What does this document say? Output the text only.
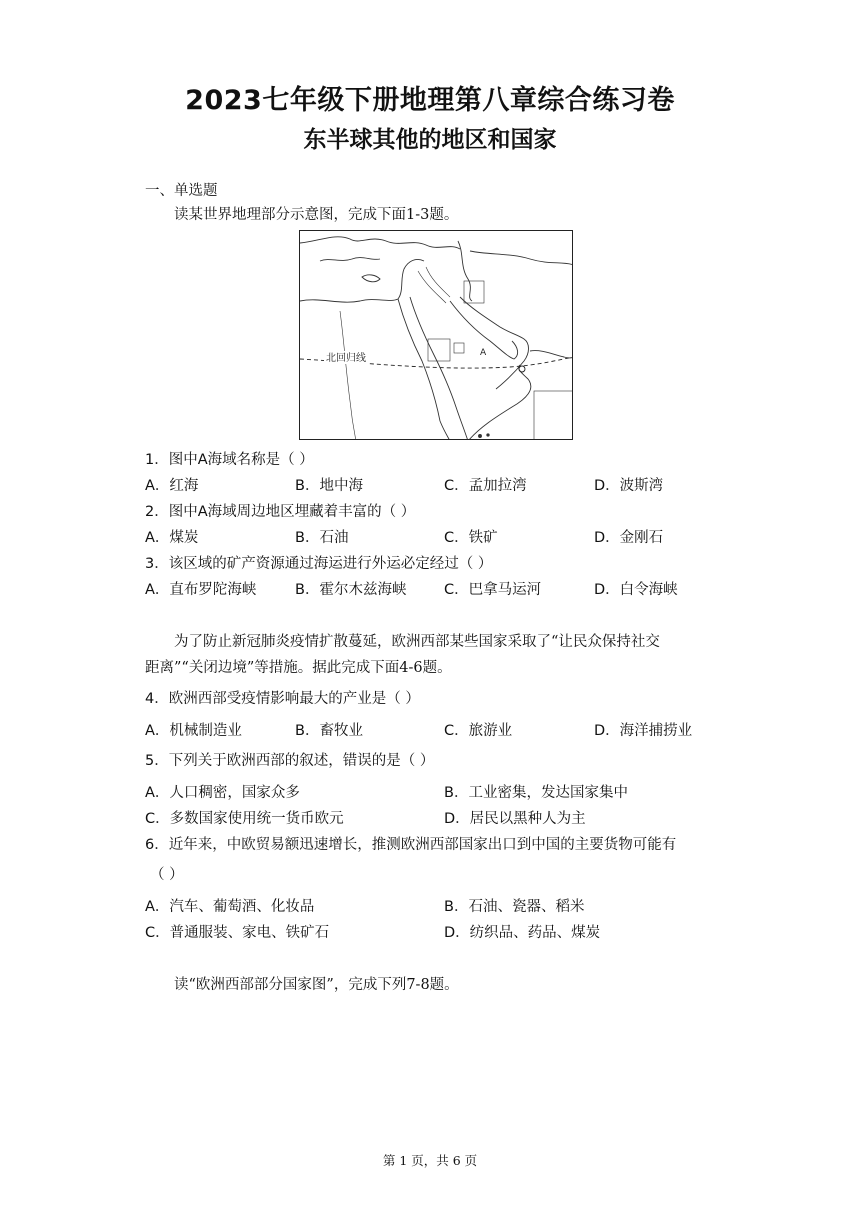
2023七年级下册地理第八章综合练习卷
东半球其他的地区和国家
一、单选题
读某世界地理部分示意图，完成下面1-3题。
A
北回归线
1．图中A海域名称是（ ）
A．红海	B．地中海	C．孟加拉湾	D．波斯湾
2．图中A海域周边地区埋藏着丰富的（ ）
A．煤炭	B．石油	C．铁矿	D．金刚石
3．该区域的矿产资源通过海运进行外运必定经过（ ）
A．直布罗陀海峡	B．霍尔木兹海峡	C．巴拿马运河	D．白令海峡
为了防止新冠肺炎疫情扩散蔓延，欧洲西部某些国家采取了“让民众保持社交
距离”“关闭边境”等措施。据此完成下面4-6题。
4．欧洲西部受疫情影响最大的产业是（ ）
A．机械制造业	B．畜牧业	C．旅游业	D．海洋捕捞业
5．下列关于欧洲西部的叙述，错误的是（ ）
A．人口稠密，国家众多	B．工业密集，发达国家集中
C．多数国家使用统一货币欧元	D．居民以黑种人为主
6．近年来，中欧贸易额迅速增长，推测欧洲西部国家出口到中国的主要货物可能有
（ ）
A．汽车、葡萄酒、化妆品	B．石油、瓷器、稻米
C．普通服装、家电、铁矿石	D．纺织品、药品、煤炭
读“欧洲西部部分国家图”，完成下列7-8题。
第 1 页，共 6 页
